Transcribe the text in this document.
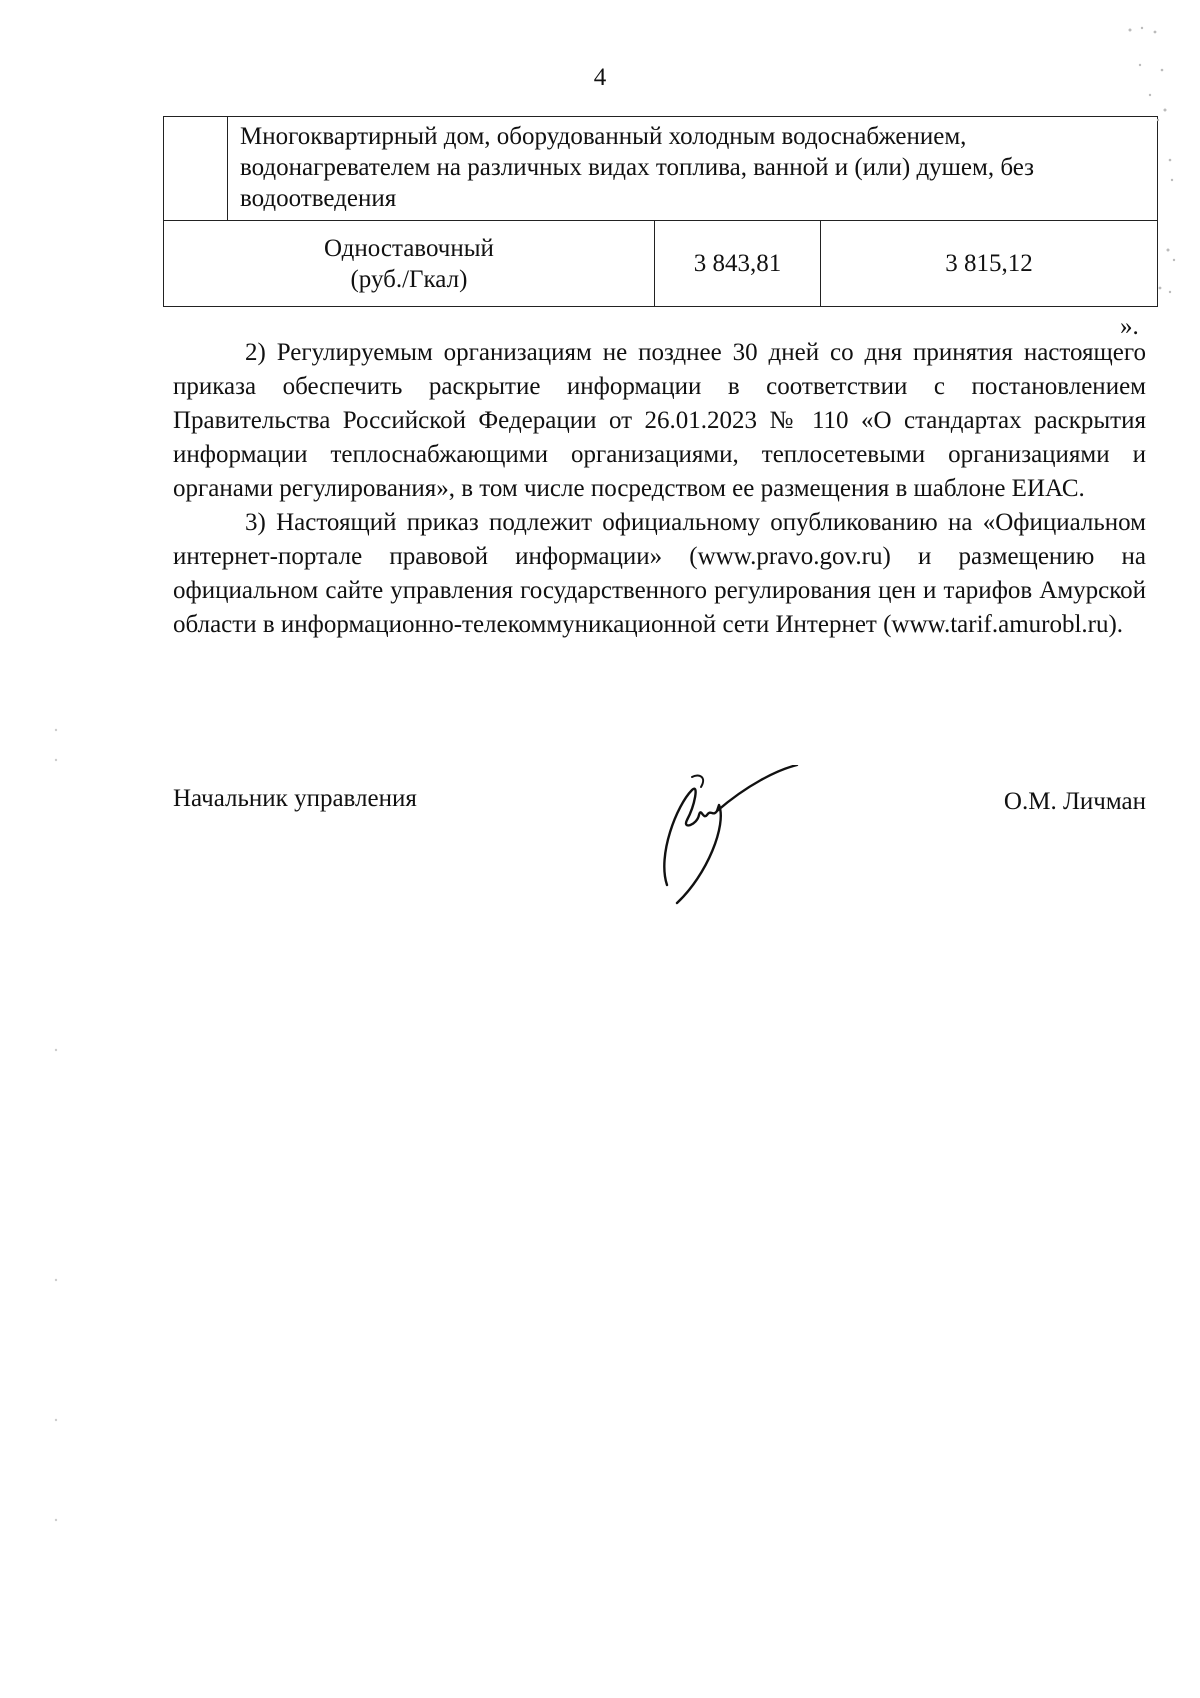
4
	Многоквартирный дом, оборудованный холодным водоснабжением, водонагревателем на различных видах топлива, ванной и (или) душем, без водоотведения		

Одноставочный
(руб./Гкал)		3 843,81	3 815,12
».

2) Регулируемым организациям не позднее 30 дней со дня принятия настоящего приказа обеспечить раскрытие информации в соответствии с постановлением Правительства Российской Федерации от 26.01.2023 № 110 «О стандартах раскрытия информации теплоснабжающими организациями, теплосетевыми организациями и органами регулирования», в том числе посредством ее размещения в шаблоне ЕИАС.

3) Настоящий приказ подлежит официальному опубликованию на «Официальном интернет-портале правовой информации» (www.pravo.gov.ru) и размещению на официальном сайте управления государственного регулирования цен и тарифов Амурской области в информационно-телекоммуникационной сети Интернет (www.tarif.amurobl.ru).

Начальник управления	О.М. Личман
